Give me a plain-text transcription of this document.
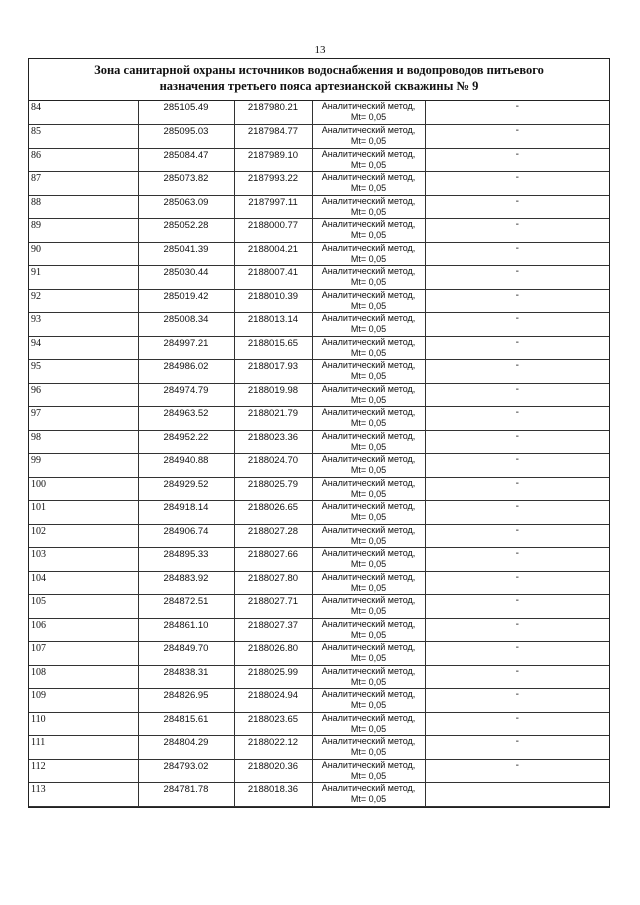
13
Зона санитарной охраны источников водоснабжения и водопроводов питьевого
назначения третьего пояса артезианской скважины № 9
84	285105.49	2187980.21	Аналитический метод,
Mt= 0,05	-
85	285095.03	2187984.77	Аналитический метод,
Mt= 0,05	-
86	285084.47	2187989.10	Аналитический метод,
Mt= 0,05	-
87	285073.82	2187993.22	Аналитический метод,
Mt= 0,05	-
88	285063.09	2187997.11	Аналитический метод,
Mt= 0,05	-
89	285052.28	2188000.77	Аналитический метод,
Mt= 0,05	-
90	285041.39	2188004.21	Аналитический метод,
Mt= 0,05	-
91	285030.44	2188007.41	Аналитический метод,
Mt= 0,05	-
92	285019.42	2188010.39	Аналитический метод,
Mt= 0,05	-
93	285008.34	2188013.14	Аналитический метод,
Mt= 0,05	-
94	284997.21	2188015.65	Аналитический метод,
Mt= 0,05	-
95	284986.02	2188017.93	Аналитический метод,
Mt= 0,05	-
96	284974.79	2188019.98	Аналитический метод,
Mt= 0,05	-
97	284963.52	2188021.79	Аналитический метод,
Mt= 0,05	-
98	284952.22	2188023.36	Аналитический метод,
Mt= 0,05	-
99	284940.88	2188024.70	Аналитический метод,
Mt= 0,05	-
100	284929.52	2188025.79	Аналитический метод,
Mt= 0,05	-
101	284918.14	2188026.65	Аналитический метод,
Mt= 0,05	-
102	284906.74	2188027.28	Аналитический метод,
Mt= 0,05	-
103	284895.33	2188027.66	Аналитический метод,
Mt= 0,05	-
104	284883.92	2188027.80	Аналитический метод,
Mt= 0,05	-
105	284872.51	2188027.71	Аналитический метод,
Mt= 0,05	-
106	284861.10	2188027.37	Аналитический метод,
Mt= 0,05	-
107	284849.70	2188026.80	Аналитический метод,
Mt= 0,05	-
108	284838.31	2188025.99	Аналитический метод,
Mt= 0,05	-
109	284826.95	2188024.94	Аналитический метод,
Mt= 0,05	-
110	284815.61	2188023.65	Аналитический метод,
Mt= 0,05	-
111	284804.29	2188022.12	Аналитический метод,
Mt= 0,05	-
112	284793.02	2188020.36	Аналитический метод,
Mt= 0,05	-
113	284781.78	2188018.36	Аналитический метод,
Mt= 0,05	
